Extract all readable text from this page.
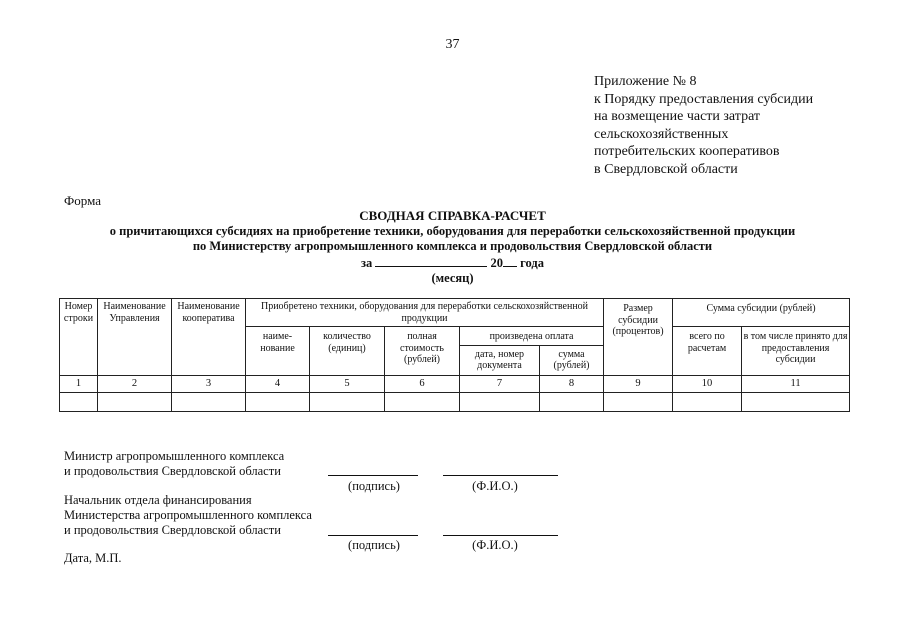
37
Приложение № 8
к Порядку предоставления субсидии
на возмещение части затрат
сельскохозяйственных
потребительских кооперативов
в Свердловской области
Форма
СВОДНАЯ СПРАВКА-РАСЧЕТ
о причитающихся субсидиях на приобретение техники, оборудования для переработки сельскохозяйственной продукции
по Министерству агропромышленного комплекса и продовольствия Свердловской области
за	20 года
(месяц)
Номер строки	Наименование Управления	Наименование кооператива	Приобретено техники, оборудования для переработки сельскохозяйственной продукции					Размер субсидии (процентов)	Сумма субсидии (рублей)	
			наиме- нование	количество (единиц)	полная стоимость (рублей)	произведена оплата			всего по расчетам	в том числе принято для предоставления субсидии
						дата, номер документа	сумма (рублей)			
1	2	3	4	5	6	7	8	9	10	11

Министр агропромышленного комплекса
и продовольствия Свердловской области
(подпись)	(Ф.И.О.)
Начальник отдела финансирования
Министерства агропромышленного комплекса
и продовольствия Свердловской области
(подпись)	(Ф.И.О.)
Дата, М.П.
